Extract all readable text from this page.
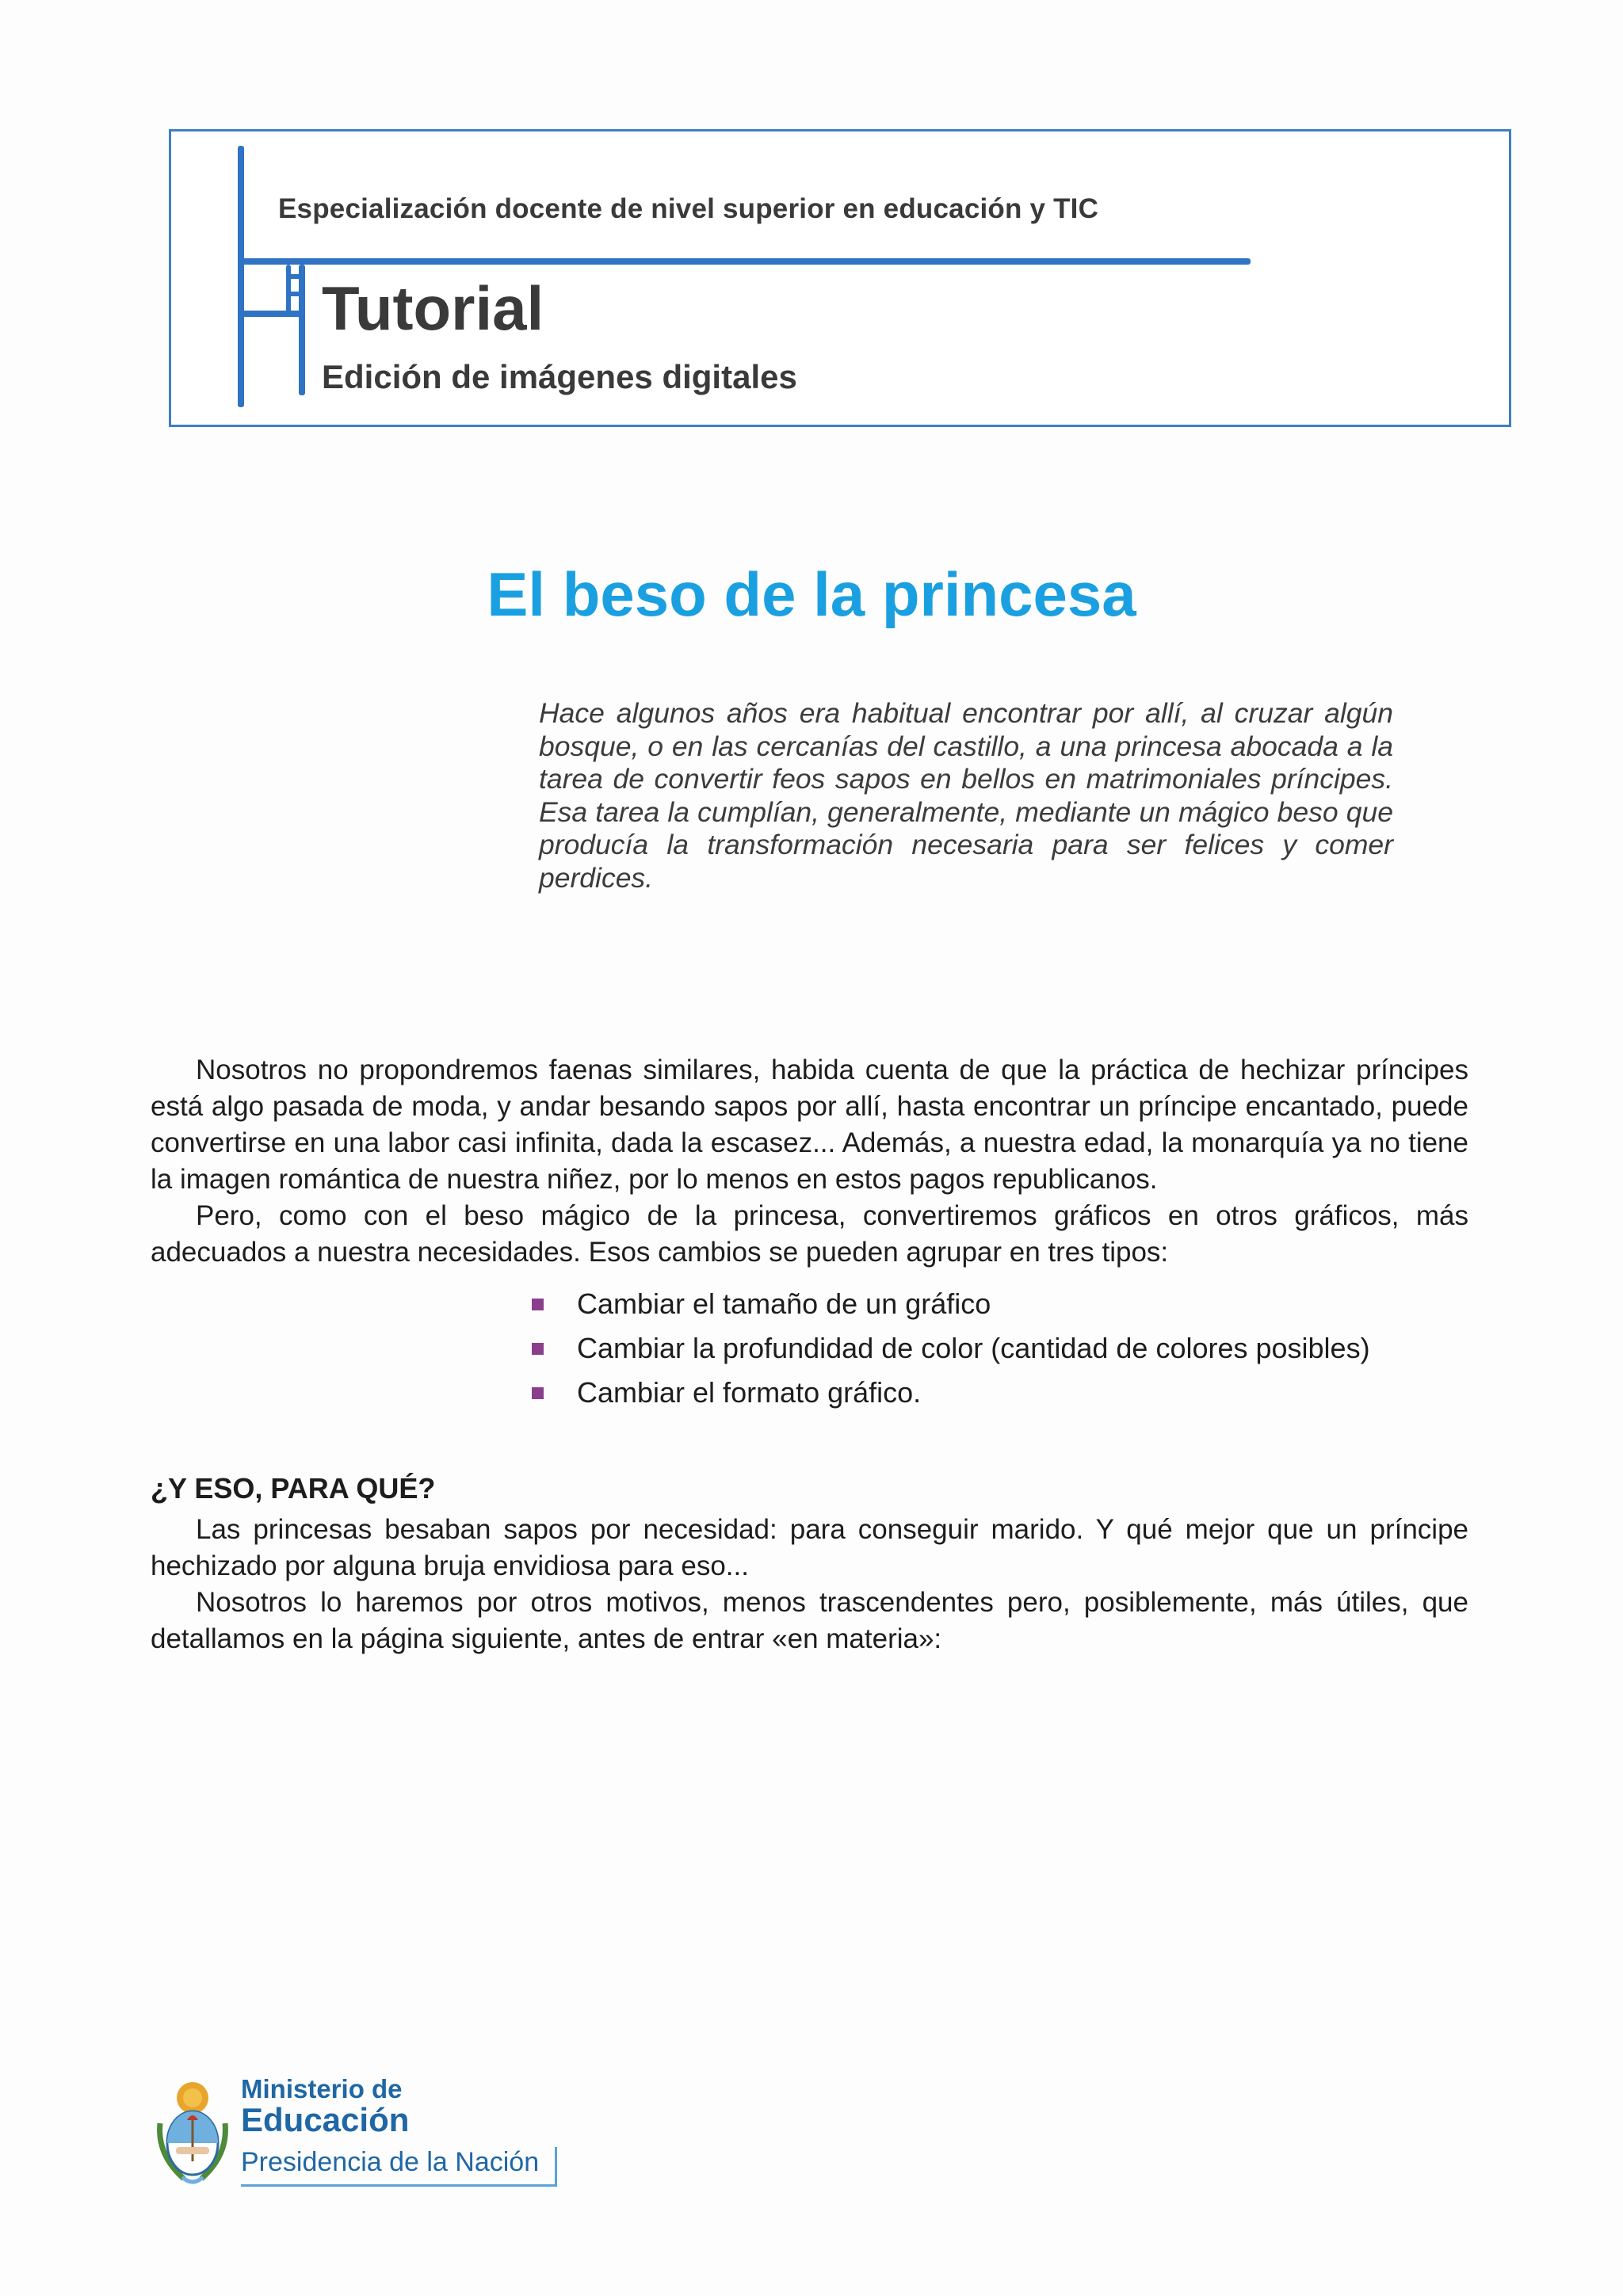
Especialización docente de nivel superior en educación y TIC
Tutorial
Edición de imágenes digitales
El beso de la princesa
Hace algunos años era habitual encontrar por allí, al cruzar algún bosque, o en las cercanías del castillo, a una princesa abocada a la tarea de convertir feos sapos en bellos en matrimoniales príncipes. Esa tarea la cumplían, generalmente, mediante un mágico beso que producía la transformación necesaria para ser felices y comer perdices.

Nosotros no propondremos faenas similares, habida cuenta de que la práctica de hechizar príncipes está algo pasada de moda, y andar besando sapos por allí, hasta encontrar un príncipe encantado, puede convertirse en una labor casi infinita, dada la escasez... Además, a nuestra edad, la monarquía ya no tiene la imagen romántica de nuestra niñez, por lo menos en estos pagos republicanos.

Pero, como con el beso mágico de la princesa, convertiremos gráficos en otros gráficos, más adecuados a nuestra necesidades. Esos cambios se pueden agrupar en tres tipos:

Cambiar el tamaño de un gráfico
Cambiar la profundidad de color (cantidad de colores posibles)
Cambiar el formato gráfico.
¿Y ESO, PARA QUÉ?

Las princesas besaban sapos por necesidad: para conseguir marido. Y qué mejor que un príncipe hechizado por alguna bruja envidiosa para eso...

Nosotros lo haremos por otros motivos, menos trascendentes pero, posiblemente, más útiles, que detallamos en la página siguiente, antes de entrar «en materia»:

Ministerio de
Educación
Presidencia de la Nación
